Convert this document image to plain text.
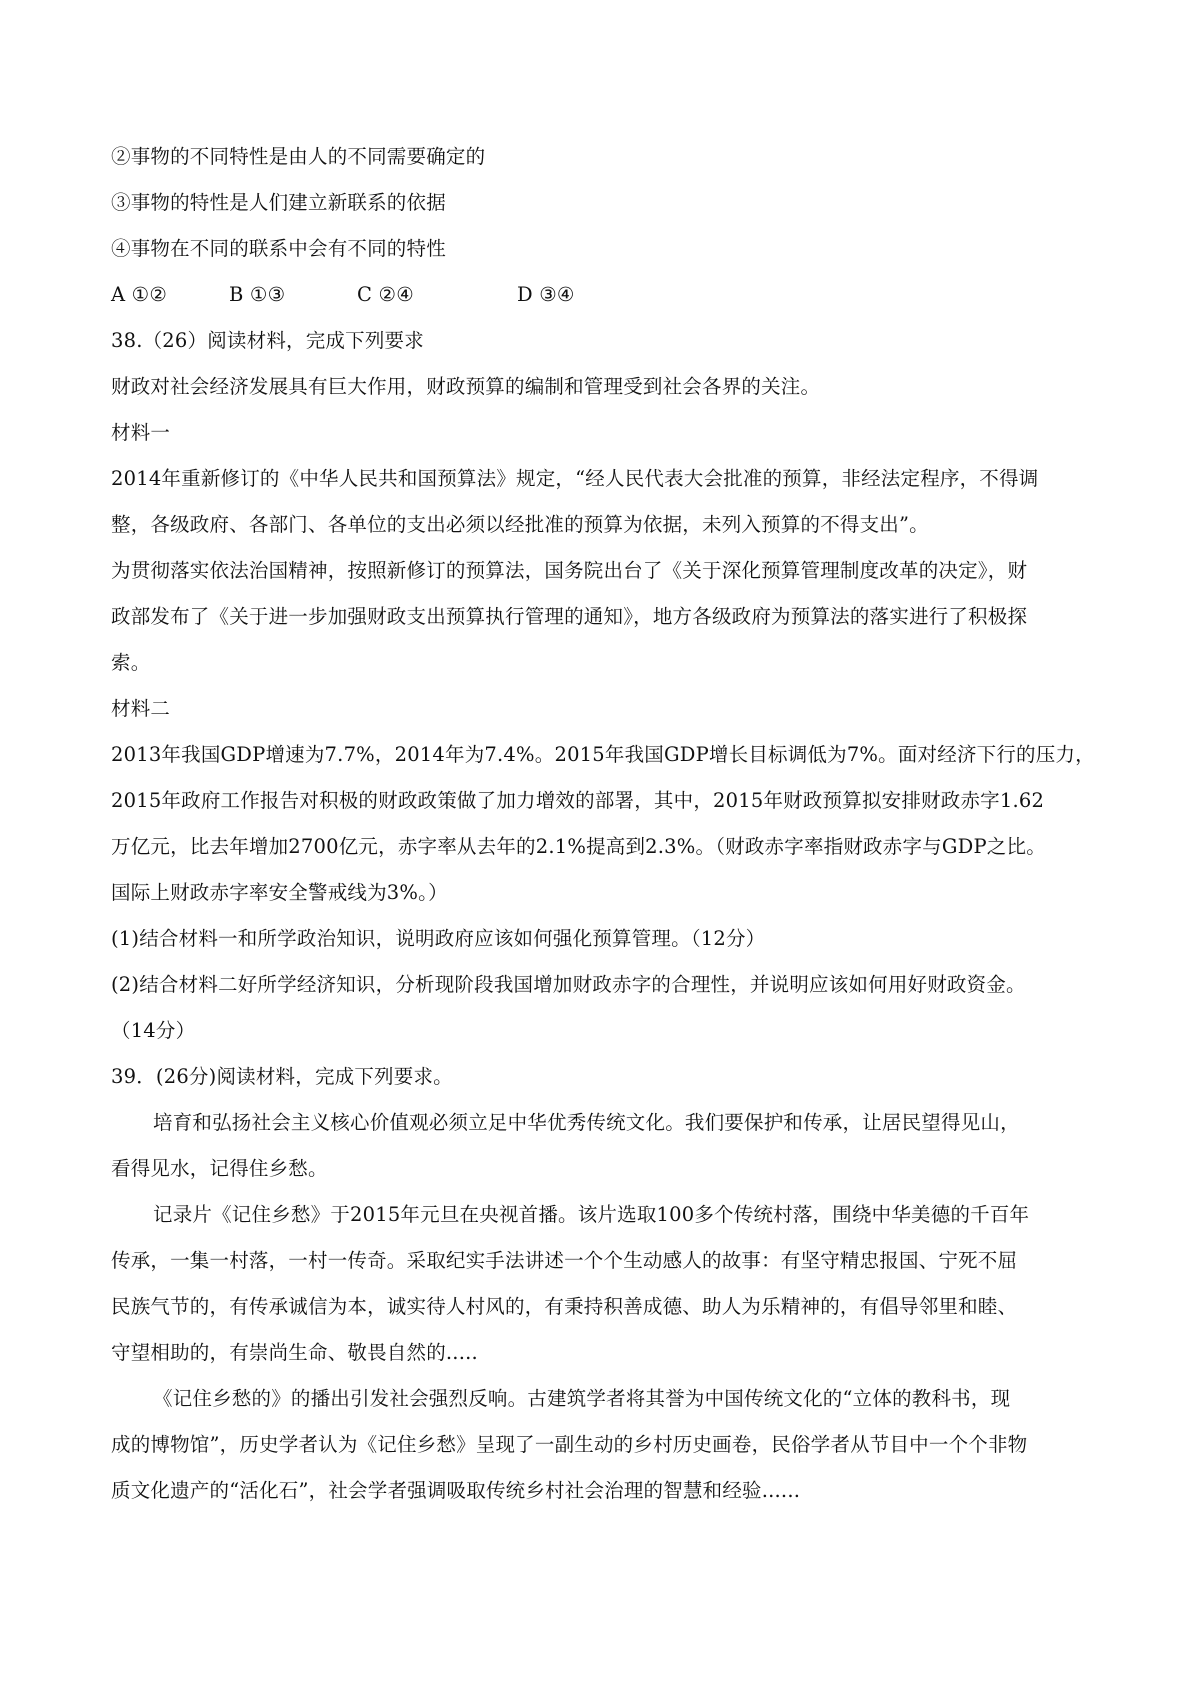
②事物的不同特性是由人的不同需要确定的
③事物的特性是人们建立新联系的依据
④事物在不同的联系中会有不同的特性
A ①②	B ①③	C ②④	D ③④
38.（26）阅读材料，完成下列要求
财政对社会经济发展具有巨大作用，财政预算的编制和管理受到社会各界的关注。
材料一
2014年重新修订的《中华人民共和国预算法》规定，“经人民代表大会批准的预算，非经法定程序，不得调
整，各级政府、各部门、各单位的支出必须以经批准的预算为依据，未列入预算的不得支出”。
为贯彻落实依法治国精神，按照新修订的预算法，国务院出台了《关于深化预算管理制度改革的决定》，财
政部发布了《关于进一步加强财政支出预算执行管理的通知》，地方各级政府为预算法的落实进行了积极探
索。
材料二
2013年我国GDP增速为7.7%，2014年为7.4%。2015年我国GDP增长目标调低为7%。面对经济下行的压力，
2015年政府工作报告对积极的财政政策做了加力增效的部署，其中，2015年财政预算拟安排财政赤字1.62
万亿元，比去年增加2700亿元，赤字率从去年的2.1%提高到2.3%。（财政赤字率指财政赤字与GDP之比。
国际上财政赤字率安全警戒线为3%。）
(1)结合材料一和所学政治知识，说明政府应该如何强化预算管理。（12分）
(2)结合材料二好所学经济知识，分析现阶段我国增加财政赤字的合理性，并说明应该如何用好财政资金。
（14分）
39．(26分)阅读材料，完成下列要求。
培育和弘扬社会主义核心价值观必须立足中华优秀传统文化。我们要保护和传承，让居民望得见山，
看得见水，记得住乡愁。
记录片《记住乡愁》于2015年元旦在央视首播。该片选取100多个传统村落，围绕中华美德的千百年
传承，一集一村落，一村一传奇。采取纪实手法讲述一个个生动感人的故事：有坚守精忠报国、宁死不屈
民族气节的，有传承诚信为本，诚实待人村风的，有秉持积善成德、助人为乐精神的，有倡导邻里和睦、
守望相助的，有崇尚生命、敬畏自然的.....
《记住乡愁的》的播出引发社会强烈反响。古建筑学者将其誉为中国传统文化的“立体的教科书，现
成的博物馆”，历史学者认为《记住乡愁》呈现了一副生动的乡村历史画卷，民俗学者从节目中一个个非物
质文化遗产的“活化石”，社会学者强调吸取传统乡村社会治理的智慧和经验......
